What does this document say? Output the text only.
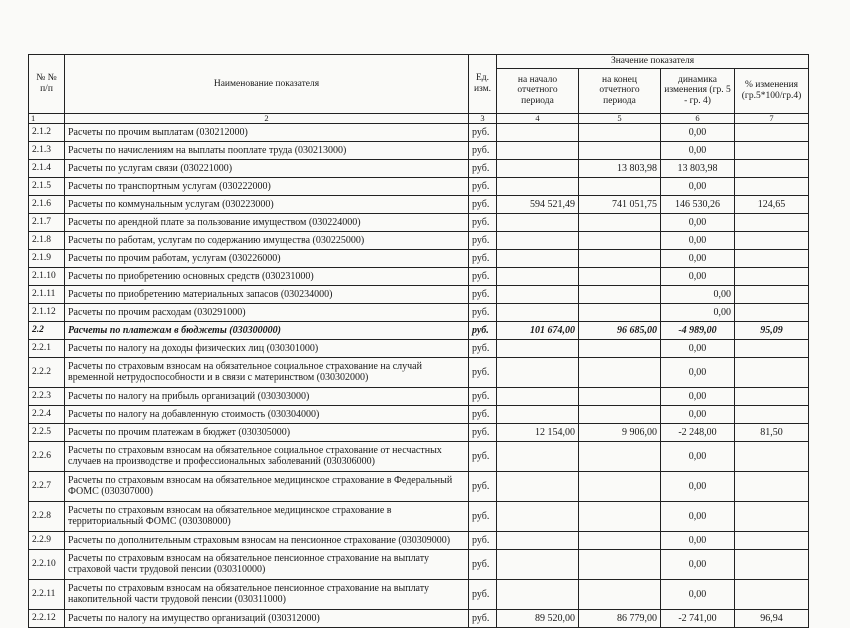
№ № п/п	Наименование показателя	Ед. изм.	Значение показателя			
			на начало отчетного периода	на конец отчетного периода	динамика изменения (гр. 5 - гр. 4)	% изменения (гр.5*100/гр.4)
1	2	3	4	5	6	7
2.1.2	Расчеты по прочим выплатам (030212000)	руб.			0,00	
2.1.3	Расчеты по начислениям на выплаты пооплате труда (030213000)	руб.			0,00	
2.1.4	Расчеты по услугам связи (030221000)	руб.		13 803,98	13 803,98	
2.1.5	Расчеты по транспортным услугам (030222000)	руб.			0,00	
2.1.6	Расчеты по коммунальным услугам (030223000)	руб.	594 521,49	741 051,75	146 530,26	124,65
2.1.7	Расчеты по арендной плате за пользование имуществом (030224000)	руб.			0,00	
2.1.8	Расчеты по работам, услугам по содержанию имущества (030225000)	руб.			0,00	
2.1.9	Расчеты по прочим работам, услугам (030226000)	руб.			0,00	
2.1.10	Расчеты по приобретению основных средств (030231000)	руб.			0,00	
2.1.11	Расчеты по приобретению материальных запасов (030234000)	руб.			0,00	
2.1.12	Расчеты по прочим расходам (030291000)	руб.			0,00	
2.2	Расчеты по платежам в бюджеты (030300000)	руб.	101 674,00	96 685,00	-4 989,00	95,09
2.2.1	Расчеты по налогу на доходы физических лиц (030301000)	руб.			0,00	
2.2.2	Расчеты по страховым взносам на обязательное социальное страхование на случай временной нетрудоспособности и в связи с материнством (030302000)	руб.			0,00	
2.2.3	Расчеты по налогу на прибыль организаций (030303000)	руб.			0,00	
2.2.4	Расчеты по налогу на добавленную стоимость (030304000)	руб.			0,00	
2.2.5	Расчеты по прочим платежам в бюджет (030305000)	руб.	12 154,00	9 906,00	-2 248,00	81,50
2.2.6	Расчеты по страховым взносам на обязательное социальное страхование от несчастных случаев на производстве и профессиональных заболеваний (030306000)	руб.			0,00	
2.2.7	Расчеты по страховым взносам на обязательное медицинское страхование в Федеральный ФОМС (030307000)	руб.			0,00	
2.2.8	Расчеты по страховым взносам на обязательное медицинское страхование в территориальный ФОМС (030308000)	руб.			0,00	
2.2.9	Расчеты по дополнительным страховым взносам на пенсионное страхование (030309000)	руб.			0,00	
2.2.10	Расчеты по страховым взносам на обязательное пенсионное страхование на выплату страховой части трудовой пенсии (030310000)	руб.			0,00	
2.2.11	Расчеты по страховым взносам на обязательное пенсионное страхование на выплату накопительной части трудовой пенсии (030311000)	руб.			0,00	
2.2.12	Расчеты по налогу на имущество организаций (030312000)	руб.	89 520,00	86 779,00	-2 741,00	96,94
